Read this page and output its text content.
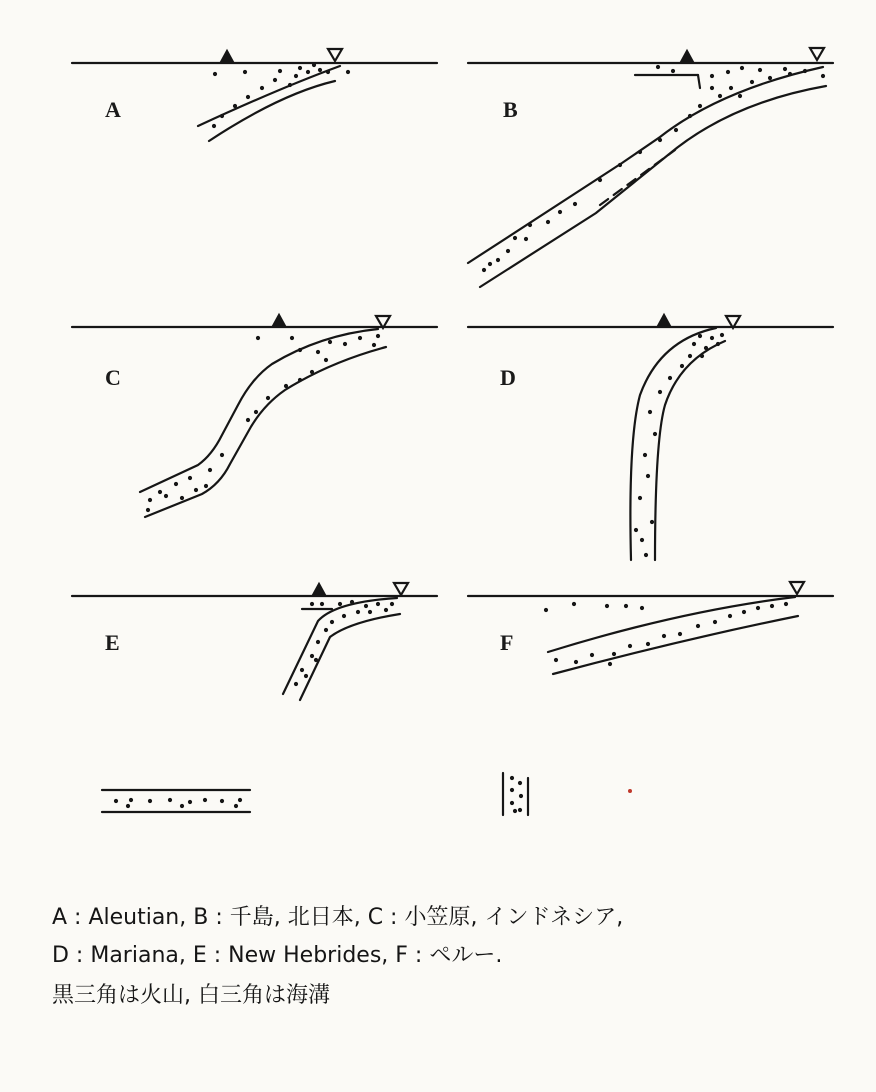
A	B
C	D
E	F
A : Aleutian, B : 千島, 北日本, C : 小笠原, インドネシア,
D : Mariana, E : New Hebrides, F : ペルー.
黒三角は火山, 白三角は海溝
